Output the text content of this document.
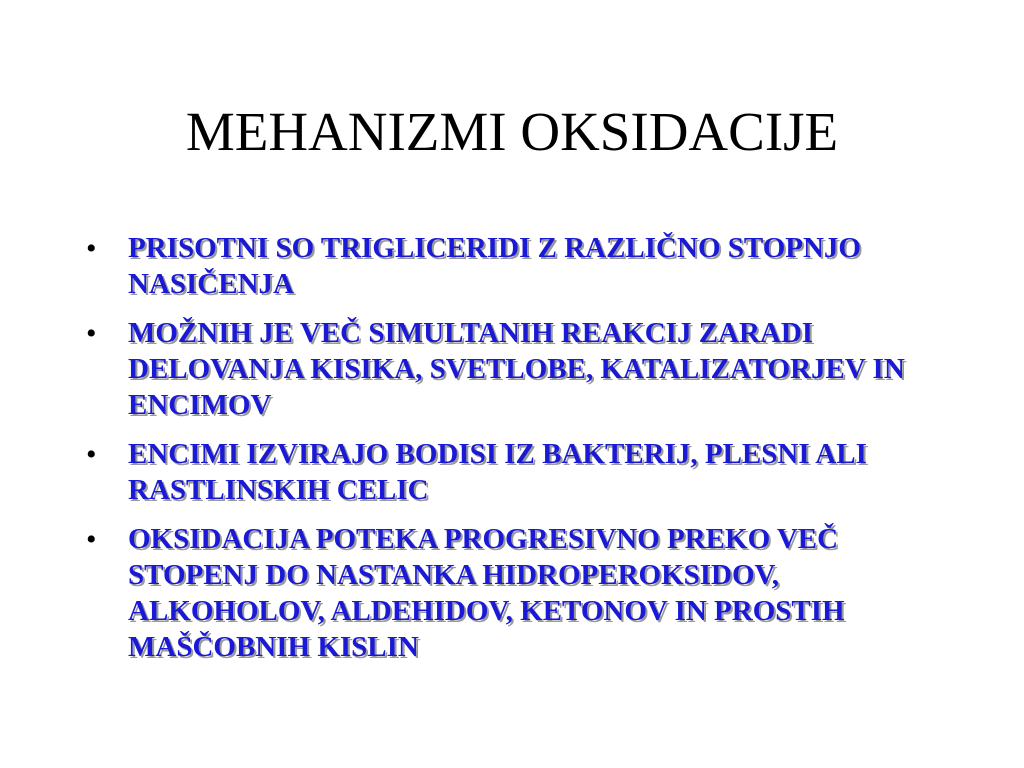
MEHANIZMI OKSIDACIJE
•	PRISOTNI SO TRIGLICERIDI Z RAZLIČNO STOPNJO NASIČENJA
•	MOŽNIH JE VEČ SIMULTANIH REAKCIJ ZARADI DELOVANJA KISIKA, SVETLOBE, KATALIZATORJEV IN ENCIMOV
•	ENCIMI IZVIRAJO BODISI IZ BAKTERIJ, PLESNI ALI RASTLINSKIH CELIC
•	OKSIDACIJA POTEKA PROGRESIVNO PREKO VEČ STOPENJ DO NASTANKA HIDROPEROKSIDOV, ALKOHOLOV, ALDEHIDOV, KETONOV IN PROSTIH MAŠČOBNIH KISLIN
